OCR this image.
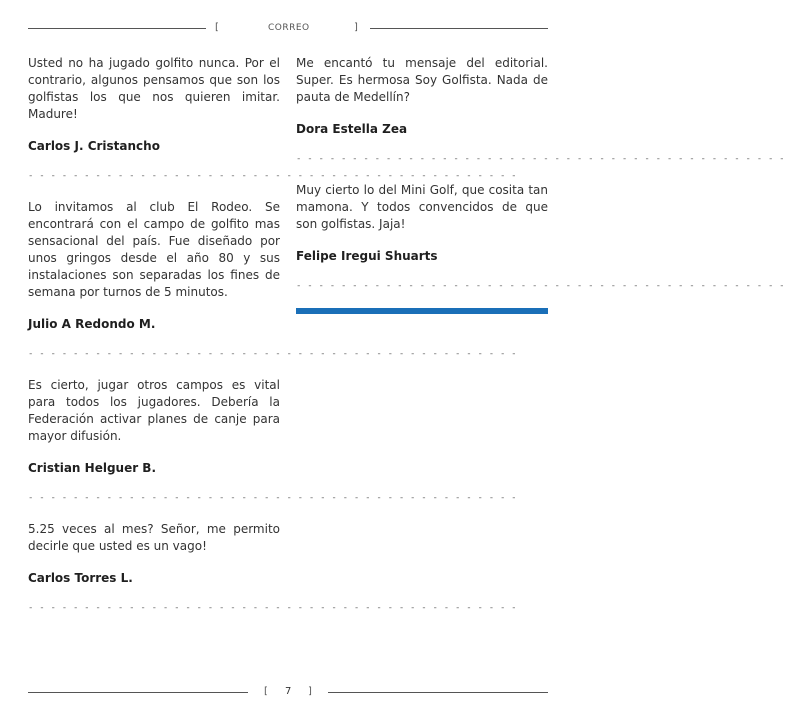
[	CORREO	]

Usted no ha jugado golfito nunca. Por el contrario, algunos pensamos que son los golfistas los que nos quieren imitar. Madure!

Carlos J. Cristancho

- - - - - - - - - - - - - - - - - - - - - - - - - - - - - - - - - - - - - - - - - - - -

Lo invitamos al club El Rodeo. Se encontrará con el campo de golfito mas sensacional del país. Fue diseñado por unos gringos desde el año 80 y sus instalaciones son separadas los fines de semana por turnos de 5 minutos.

Julio A Redondo M.

- - - - - - - - - - - - - - - - - - - - - - - - - - - - - - - - - - - - - - - - - - - -

Es cierto, jugar otros campos es vital para todos los jugadores. Debería la Federación activar planes de canje para mayor difusión.

Cristian Helguer B.

- - - - - - - - - - - - - - - - - - - - - - - - - - - - - - - - - - - - - - - - - - - -

5.25 veces al mes? Señor, me permito decirle que usted es un vago!

Carlos Torres L.

- - - - - - - - - - - - - - - - - - - - - - - - - - - - - - - - - - - - - - - - - - - -

Me encantó tu mensaje del editorial. Super. Es hermosa Soy Golfista. Nada de pauta de Medellín?

Dora Estella Zea

- - - - - - - - - - - - - - - - - - - - - - - - - - - - - - - - - - - - - - - - - - - -

Muy cierto lo del Mini Golf, que cosita tan mamona. Y todos convencidos de que son golfistas. Jaja!

Felipe Iregui Shuarts

- - - - - - - - - - - - - - - - - - - - - - - - - - - - - - - - - - - - - - - - - - - -
[ 7 ]
